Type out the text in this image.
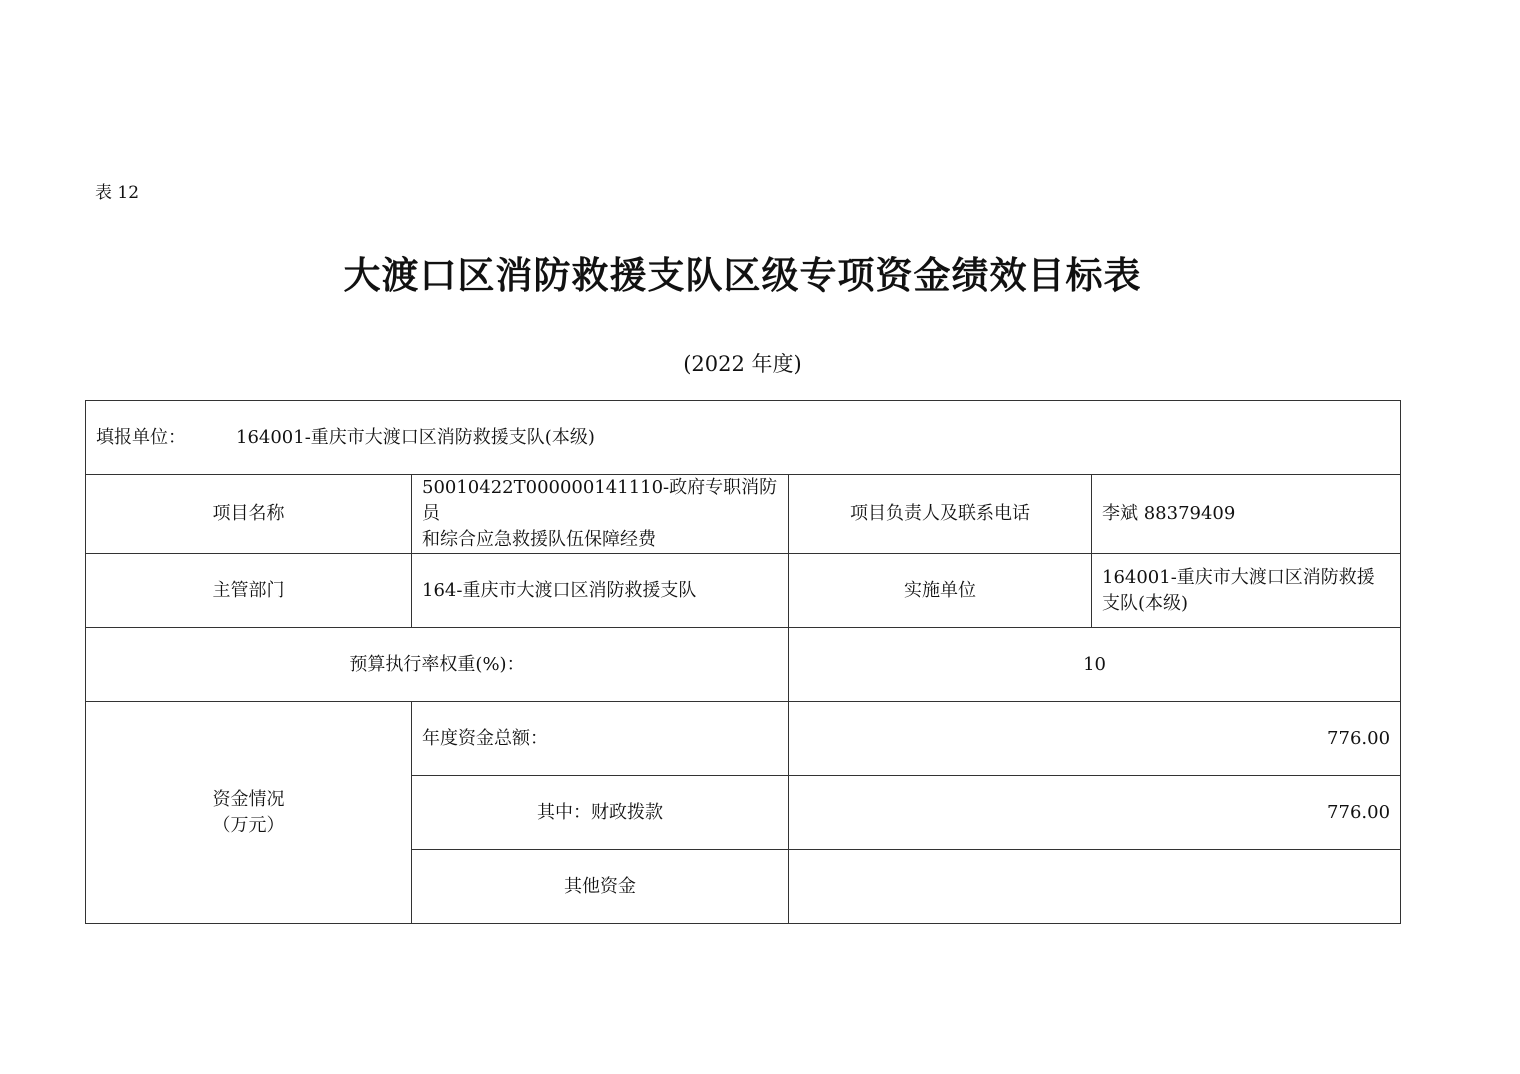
表 12
大渡口区消防救援支队区级专项资金绩效目标表
(2022 年度)
填报单位： 164001-重庆市大渡口区消防救援支队(本级)			
项目名称	50010422T000000141110-政府专职消防员
和综合应急救援队伍保障经费	项目负责人及联系电话	李斌 88379409
主管部门	164-重庆市大渡口区消防救援支队	实施单位	164001-重庆市大渡口区消防救援
支队(本级)

预算执行率权重(%)：		10	

资金情况
（万元）	年度资金总额：	776.00	
	其中：财政拨款	776.00	
	其他资金		
